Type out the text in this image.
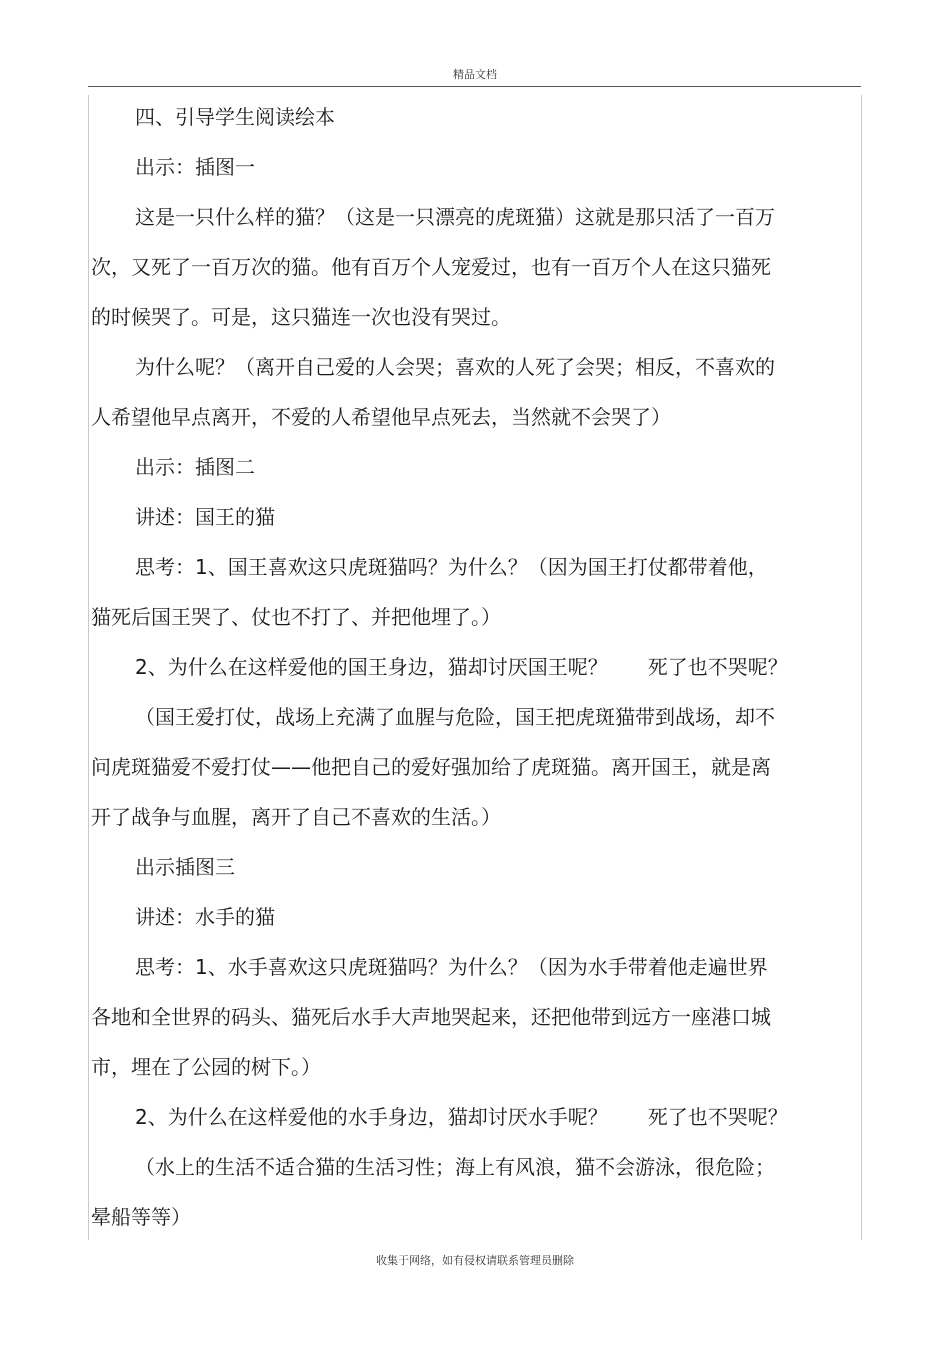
精品文档
四、引导学生阅读绘本
出示：插图一
这是一只什么样的猫？（这是一只漂亮的虎斑猫）这就是那只活了一百万
次，又死了一百万次的猫。他有百万个人宠爱过，也有一百万个人在这只猫死
的时候哭了。可是，这只猫连一次也没有哭过。
为什么呢？（离开自己爱的人会哭；喜欢的人死了会哭；相反，不喜欢的
人希望他早点离开，不爱的人希望他早点死去，当然就不会哭了）
出示：插图二
讲述：国王的猫
思考：1、国王喜欢这只虎斑猫吗？为什么？（因为国王打仗都带着他，
猫死后国王哭了、仗也不打了、并把他埋了。）
2、为什么在这样爱他的国王身边，猫却讨厌国王呢？　　死了也不哭呢？
（国王爱打仗，战场上充满了血腥与危险，国王把虎斑猫带到战场，却不
问虎斑猫爱不爱打仗——他把自己的爱好强加给了虎斑猫。离开国王，就是离
开了战争与血腥，离开了自己不喜欢的生活。）
出示插图三
讲述：水手的猫
思考：1、水手喜欢这只虎斑猫吗？为什么？（因为水手带着他走遍世界
各地和全世界的码头、猫死后水手大声地哭起来，还把他带到远方一座港口城
市，埋在了公园的树下。）
2、为什么在这样爱他的水手身边，猫却讨厌水手呢？　　死了也不哭呢？
（水上的生活不适合猫的生活习性；海上有风浪，猫不会游泳，很危险；
晕船等等）
收集于网络，如有侵权请联系管理员删除
